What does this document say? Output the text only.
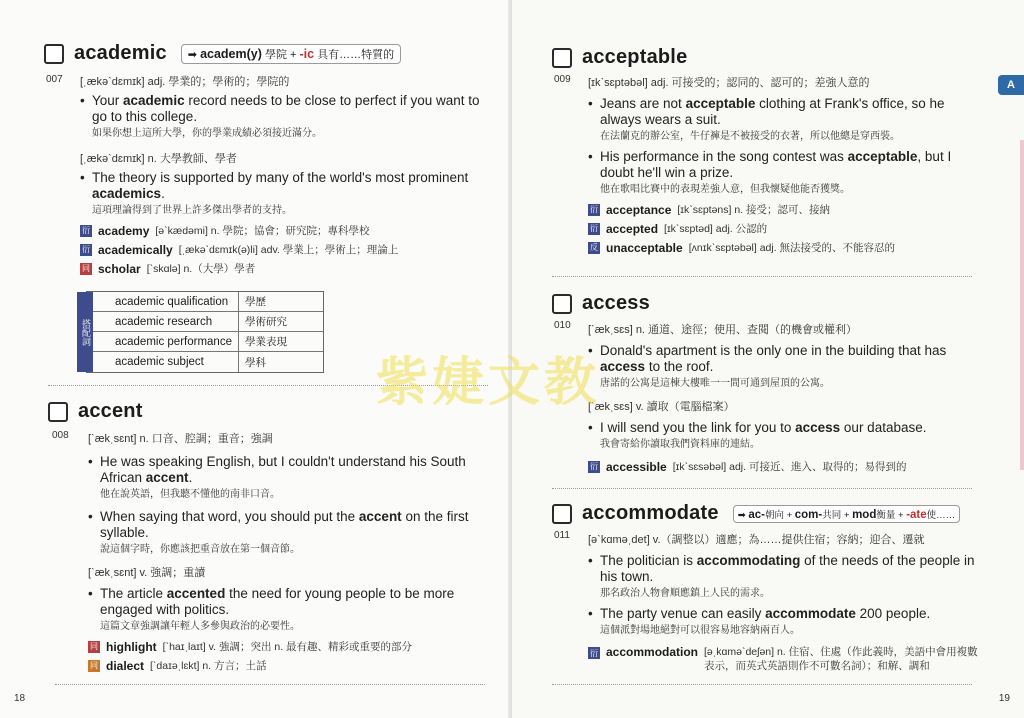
academic	➡ academ(y) 學院 + -ic 具有……特質的
007 [ˌækəˋdɛmɪk] adj. 學業的；學術的；學院的
• Your academic record needs to be close to perfect if you want to go to this college.
如果你想上這所大學，你的學業成績必須接近滿分。
[ˌækəˋdɛmɪk] n. 大學教師、學者
• The theory is supported by many of the world's most prominent academics.
這項理論得到了世界上許多傑出學者的支持。
衍 academy [əˋkædəmi] n. 學院；協會；研究院；專科學校
衍 academically [ˌækəˋdɛmɪk(ə)li] adv. 學業上；學術上；理論上
同 scholar [ˋskɑlə] n.（大學）學者
搭配詞
academic qualification	學歷
academic research	學術研究
academic performance	學業表現
academic subject	學科
accent
008 [ˋækˌsɛnt] n. 口音、腔調；重音；強調
• He was speaking English, but I couldn't understand his South African accent.
他在說英語，但我聽不懂他的南非口音。
• When saying that word, you should put the accent on the first syllable.
說這個字時，你應該把重音放在第一個音節。
[ˋækˌsɛnt] v. 強調；重讀
• The article accented the need for young people to be more engaged with politics.
這篇文章強調讓年輕人多參與政治的必要性。
同 highlight [ˋhaɪˌlaɪt] v. 強調；突出 n. 最有趣、精彩或重要的部分
同 dialect [ˋdaɪəˌlɛkt] n. 方言；土話
18
acceptable
009 [ɪkˋsɛptəbəl] adj. 可接受的；認同的、認可的；差強人意的
• Jeans are not acceptable clothing at Frank's office, so he always wears a suit.
在法蘭克的辦公室，牛仔褲是不被接受的衣著，所以他總是穿西裝。
• His performance in the song contest was acceptable, but I doubt he'll win a prize.
他在歌唱比賽中的表現差強人意，但我懷疑他能否獲獎。
衍 acceptance [ɪkˋsɛptəns] n. 接受；認可、接納
衍 accepted [ɪkˋsɛptəd] adj. 公認的
反 unacceptable [ʌnɪkˋsɛptəbəl] adj. 無法接受的、不能容忍的
access
010 [ˋækˌsɛs] n. 通道、途徑；使用、查閱（的機會或權利）
• Donald's apartment is the only one in the building that has access to the roof.
唐諾的公寓是這棟大樓唯一一間可通到屋頂的公寓。
[ˋækˌsɛs] v. 讀取（電腦檔案）
• I will send you the link for you to access our database.
我會寄給你讀取我們資料庫的連結。
衍 accessible [ɪkˋsɛsəbəl] adj. 可接近、進入、取得的；易得到的
accommodate	➡ ac-朝向 + com-共同 + mod衡量 + -ate使……
011 [əˋkɑməˌdet] v.（調整以）適應；為……提供住宿；容納；迎合、遷就
• The politician is accommodating of the needs of the people in his town.
那名政治人物會順應鎮上人民的需求。
• The party venue can easily accommodate 200 people.
這個派對場地絕對可以很容易地容納兩百人。
衍 accommodation [əˌkɑməˋdeʃən] n. 住宿、住處（作此義時，美語中會用複數表示，而英式英語則作不可數名詞）；和解、調和
19
A
紫婕文教
